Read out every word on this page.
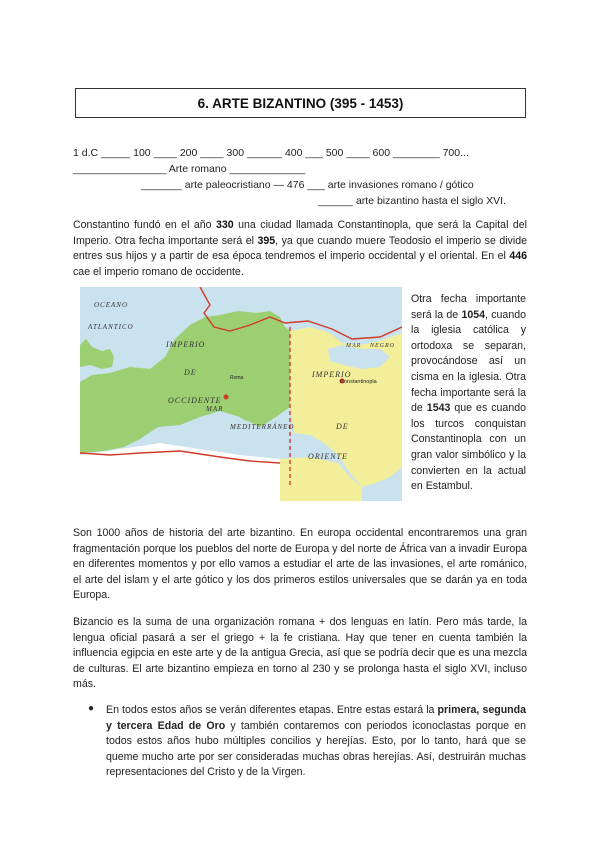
6. ARTE BIZANTINO (395 - 1453)
1 d.C _____ 100 ____ 200 ____ 300 ______ 400 ___ 500 ____ 600 ________ 700...
________________ Arte romano _____________
_______ arte paleocristiano — 476 ___ arte invasiones romano / gótico
______ arte bizantino hasta el siglo XVI.
Constantino fundó en el año 330 una ciudad llamada Constantinopla, que será la Capital del Imperio. Otra fecha importante será el 395, ya que cuando muere Teodosio el imperio se divide entres sus hijos y a partir de esa época tendremos el imperio occidental y el oriental. En el 446 cae el imperio romano de occidente.
OCEANO
ATLANTICO
IMPERIO
DE
OCCIDENTE
IMPERIO
DE
ORIENTE
MAR
MEDITERRÁNEO
MAR NEGRO
Roma
Constantinopla
Otra fecha importante será la de 1054, cuando la iglesia católica y ortodoxa se separan, provocándose así un cisma en la iglesia. Otra fecha importante será la de 1543 que es cuando los turcos conquistan Constantinopla con un gran valor simbólico y la convierten en la actual en Estambul.
Son 1000 años de historia del arte bizantino. En europa occidental encontraremos una gran fragmentación porque los pueblos del norte de Europa y del norte de África van a invadir Europa en diferentes momentos y por ello vamos a estudiar el arte de las invasiones, el arte románico, el arte del islam y el arte gótico y los dos primeros estilos universales que se darán ya en toda Europa.
Bizancio es la suma de una organización romana + dos lenguas en latín. Pero más tarde, la lengua oficial pasará a ser el griego + la fe cristiana. Hay que tener en cuenta también la influencia egipcia en este arte y de la antigua Grecia, así que se podría decir que es una mezcla de culturas. El arte bizantino empieza en torno al 230 y se prolonga hasta el siglo XVI, incluso más.
● En todos estos años se verán diferentes etapas. Entre estas estará la primera, segunda y tercera Edad de Oro y también contaremos con periodos iconoclastas porque en todos estos años hubo múltiples concilios y herejías. Esto, por lo tanto, hará que se queme mucho arte por ser consideradas muchas obras herejías. Así, destruirán muchas representaciones del Cristo y de la Virgen.
